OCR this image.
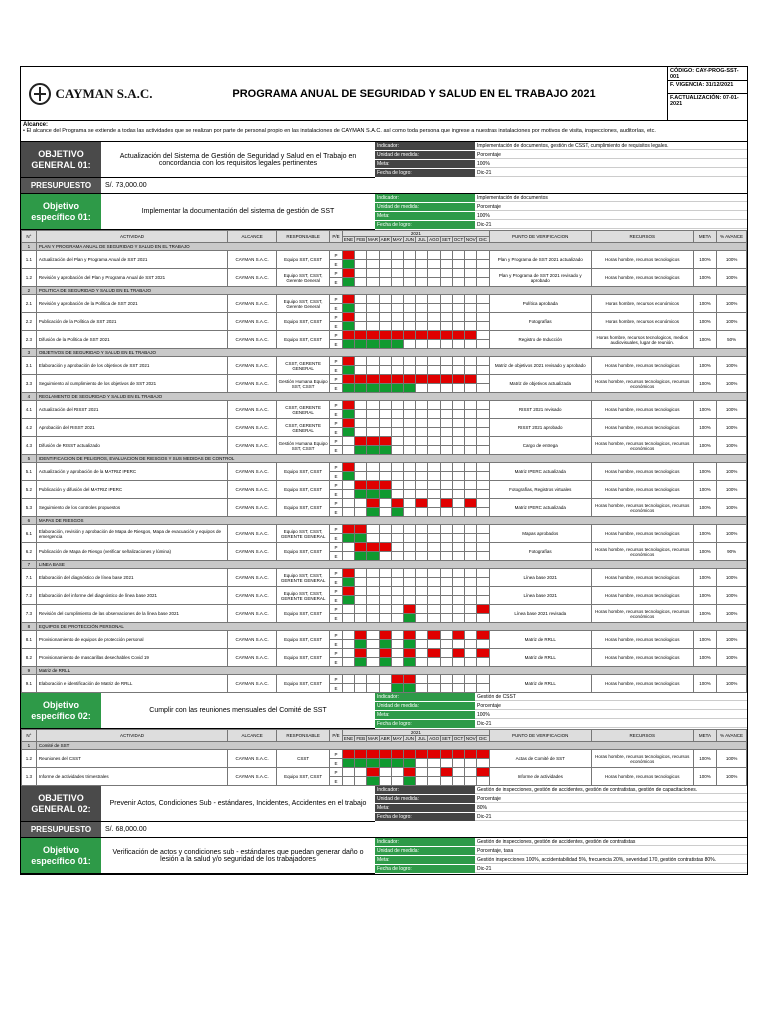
CAYMAN S.A.C.	PROGRAMA ANUAL DE SEGURIDAD Y SALUD EN EL TRABAJO 2021
CÓDIGO: CAY-PROG-SST-001
F. VIGENCIA: 31/12/2021
F.ACTUALIZACIÓN: 07-01-2021
Alcance:
• El alcance del Programa se extiende a todas las actividades que se realizan por parte de personal propio en las instalaciones de CAYMAN S.A.C. así como toda persona que ingrese a nuestras instalaciones por motivos de visita, inspecciones, auditorías, etc.
OBJETIVO GENERAL 01:
Actualización del Sistema de Gestión de Seguridad y Salud en el Trabajo en concordancia con los requisitos legales pertinentes
Indicador:	Implementación de documentos, gestión de CSST, cumplimiento de requisitos legales.
Unidad de medida:	Porcentaje
Meta:	100%
Fecha de logro:	Dic-21
PRESUPUESTO	S/. 73,000.00
Objetivo específico 01:	Implementar la documentación del sistema de gestión de SST
Indicador:	Implementación de documentos
Unidad de medida:	Porcentaje
Meta:	100%
Fecha de logro:	Dic-21
N°	ACTIVIDAD	ALCANCE	RESPONSABLE	P/E	2021												PUNTO DE VERIFICACION	RECURSOS	META	% AVANCE
					ENE	FEB	MAR	ABR	MAY	JUN	JUL	AGO	SET	OCT	NOV	DIC				
1	PLAN Y PROGRAMA ANUAL DE SEGURIDAD Y SALUD EN EL TRABAJO																			
1.1	Actualización del Plan y Programa Anual de SST 2021	CAYMAN S.A.C.	Equipo SST, CSST	P													Plan y Programa de SST 2021 actualizado	Horas hombre, recursos tecnologicos	100%	100%
				E																
1.2	Revisión y aprobación del Plan y Programa Anual de SST 2021	CAYMAN S.A.C.	Equipo SST, CSST, Gerente General	P													Plan y Programa de SST 2021 revisado y aprobado	Horas hombre, recursos tecnologicos	100%	100%
				E																
2	POLITICA DE SEGURIDAD Y SALUD EN EL TRABAJO																			
2.1	Revisión y aprobación de la Política de SST 2021	CAYMAN S.A.C.	Equipo SST, CSST, Gerente General	P													Política aprobada	Horas hombre, recursos económicos	100%	100%
				E																
2.2	Publicación de la Política de SST 2021	CAYMAN S.A.C.	Equipo SST, CSST	P													Fotografías	Horas hombre, recursos económicos	100%	100%
				E																
2.3	Difusión de la Política de SST 2021	CAYMAN S.A.C.	Equipo SST, CSST	P													Registro de Inducción	Horas hombre, recursos tecnologicos, medios audiovisuales, lugar de reunión.	100%	50%
				E																
3	OBJETIVOS DE SEGURIDAD Y SALUD EN EL TRABAJO																			
3.1	Elaboración y aprobación de los objetivos de SST 2021	CAYMAN S.A.C.	CSST, GERENTE GENERAL	P													Matriz de objetivos 2021 revisado y aprobado	Horas hombre, recursos tecnologicos	100%	100%
				E																
3.3	Seguimiento al cumplimiento de los objetivos de SST 2021	CAYMAN S.A.C.	Gestión Humana Equipo SST, CSST	P													Matriz de objetivos actualizada	Horas hombre, recursos tecnologicos, recursos económicos	100%	100%
				E																
4	REGLAMENTO DE SEGURIDAD Y SALUD EN EL TRABAJO																			
4.1	Actualización del RISST 2021	CAYMAN S.A.C.	CSST, GERENTE GENERAL	P													RISST 2021 revisado	Horas hombre, recursos tecnologicos	100%	100%
				E																
4.2	Aprobación del RISST 2021	CAYMAN S.A.C.	CSST, GERENTE GENERAL	P													RISST 2021 aprobado	Horas hombre, recursos tecnologicos	100%	100%
				E																
4.3	Difusión de RISST actualizado	CAYMAN S.A.C.	Gestión Humana Equipo SST, CSST	P													Cargo de entrega	Horas hombre, recursos tecnologicos, recursos económicos	100%	100%
				E																
5	IDENTIFICACION DE PELIGROS, EVALUACION DE RIESGOS Y SUS MEDIDAS DE CONTROL																			
5.1	Actualización y aprobación de la MATRIZ IPERC	CAYMAN S.A.C.	Equipo SST, CSST	P													Matriz IPERC actualizada	Horas hombre, recursos tecnologicos	100%	100%
				E																
5.2	Publicación y difusión del MATRIZ IPERC	CAYMAN S.A.C.	Equipo SST, CSST	P													Fotografías, Registros virtuales	Horas hombre, recursos tecnologicos	100%	100%
				E																
5.3	Seguimiento de los controles propuestos	CAYMAN S.A.C.	Equipo SST, CSST	P													Matriz IPERC actualizada	Horas hombre, recursos tecnologicos, recursos económicos	100%	100%
				E																
6	MAPAS DE RIESGOS																			
6.1	Elaboración, revisión y aprobación de Mapa de Riesgos, Mapa de evacuación y equipos de emergencia	CAYMAN S.A.C.	Equipo SST, CSST, GERENTE GENERAL	P													Mapas aprobados	Horas hombre, recursos tecnologicos	100%	100%
				E																
6.2	Publicación de Mapa de Riesgo (verificar señalizaciones y lúmina)	CAYMAN S.A.C.	Equipo SST, CSST	P													Fotografías	Horas hombre, recursos tecnologicos, recursos económicos	100%	90%
				E																
7	LINEA BASE																			
7.1	Elaboración del diagnóstico de línea base 2021	CAYMAN S.A.C.	Equipo SST, CSST, GERENTE GENERAL	P													Línea base 2021	Horas hombre, recursos tecnologicos	100%	100%
				E																
7.2	Elaboración del informe del diagnóstico de línea base 2021	CAYMAN S.A.C.	Equipo SST, CSST, GERENTE GENERAL	P													Línea base 2021	Horas hombre, recursos tecnologicos	100%	100%
				E																
7.3	Revisión del cumplimiento de las observaciones de la línea base 2021	CAYMAN S.A.C.	Equipo SST, CSST	P													Línea base 2021 revisada	Horas hombre, recursos tecnologicos, recursos económicos	100%	100%
				E																
8	EQUIPOS DE PROTECCIÓN PERSONAL																			
8.1	Provisionamiento de equipos de protección personal	CAYMAN S.A.C.	Equipo SST, CSST	P													Matriz de RRLL	Horas hombre, recursos tecnologicos	100%	100%
				E																
8.2	Provisionamiento de mascarillas desechables Covid 19	CAYMAN S.A.C.	Equipo SST, CSST	P													Matriz de RRLL	Horas hombre, recursos tecnologicos	100%	100%
				E																
9	Matriz de RRLL																			
9.1	Elaboración e identificación de Matriz de RRLL	CAYMAN S.A.C.	Equipo SST, CSST	P													Matriz de RRLL	Horas hombre, recursos tecnologicos	100%	100%
				E																
Objetivo específico 02:	Cumplir con las reuniones mensuales del Comité de SST
Indicador:	Gestión de CSST
Unidad de medida:	Porcentaje
Meta:	100%
Fecha de logro:	Dic-21
N°	ACTIVIDAD	ALCANCE	RESPONSABLE	P/E	2021												PUNTO DE VERIFICACION	RECURSOS	META	% AVANCE
					ENE	FEB	MAR	ABR	MAY	JUN	JUL	AGO	SET	OCT	NOV	DIC				
1	Comité de SST																			
1.2	Reuniones del CSST	CAYMAN S.A.C.	CSST	P													Actas de Comité de SST	Horas hombre, recursos tecnologicos, recursos económicos	100%	100%
				E																
1.3	Informe de actividades trimestrales	CAYMAN S.A.C.	Equipo SST, CSST	P													Informe de actividades	Horas hombre, recursos tecnologicos	100%	100%
				E																
OBJETIVO GENERAL 02:	Prevenir Actos, Condiciones Sub - estándares, Incidentes, Accidentes en el trabajo
Indicador:	Gestión de inspecciones, gestión de accidentes, gestión de contratistas, gestión de capacitaciones.
Unidad de medida:	Porcentaje
Meta:	80%
Fecha de logro:	Dic-21
PRESUPUESTO	S/. 68,000.00
Objetivo específico 01:
Verificación de actos y condiciones sub - estándares que puedan generar daño o lesión a la salud y/o seguridad de los trabajadores
Indicador:	Gestión de inspecciones, gestión de accidentes, gestión de contratistas
Unidad de medida:	Porcentaje, tasa
Meta:	Gestión inspecciones 100%, accidentabilidad 5%, frecuencia 20%, severidad 170, gestión contratistas 80%.
Fecha de logro:	Dic-21
